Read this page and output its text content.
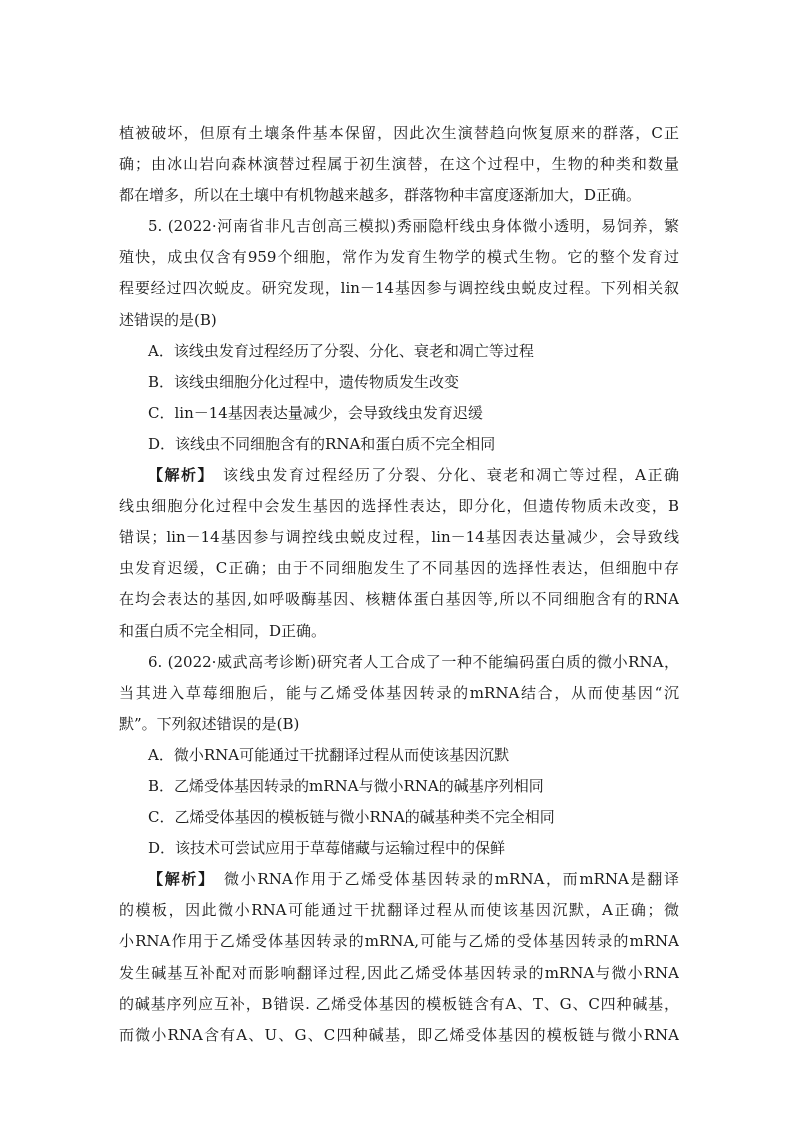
植被破坏，但原有土壤条件基本保留，因此次生演替趋向恢复原来的群落，C正
确；由冰山岩向森林演替过程属于初生演替，在这个过程中，生物的种类和数量
都在增多，所以在土壤中有机物越来越多，群落物种丰富度逐渐加大，D正确。
5. (2022·河南省非凡吉创高三模拟)秀丽隐杆线虫身体微小透明，易饲养，繁
殖快，成虫仅含有959个细胞，常作为发育生物学的模式生物。它的整个发育过
程要经过四次蜕皮。研究发现，lin－14基因参与调控线虫蜕皮过程。下列相关叙
述错误的是(B)
A．该线虫发育过程经历了分裂、分化、衰老和凋亡等过程
B．该线虫细胞分化过程中，遗传物质发生改变
C．lin－14基因表达量减少，会导致线虫发育迟缓
D．该线虫不同细胞含有的RNA和蛋白质不完全相同
【解析】　该线虫发育过程经历了分裂、分化、衰老和凋亡等过程，A正确
线虫细胞分化过程中会发生基因的选择性表达，即分化，但遗传物质未改变，B
错误；lin－14基因参与调控线虫蜕皮过程，lin－14基因表达量减少，会导致线
虫发育迟缓，C正确；由于不同细胞发生了不同基因的选择性表达，但细胞中存
在均会表达的基因,如呼吸酶基因、核糖体蛋白基因等,所以不同细胞含有的RNA
和蛋白质不完全相同，D正确。
6. (2022·威武高考诊断)研究者人工合成了一种不能编码蛋白质的微小RNA，
当其进入草莓细胞后，能与乙烯受体基因转录的mRNA结合，从而使基因“沉
默”。下列叙述错误的是(B)
A．微小RNA可能通过干扰翻译过程从而使该基因沉默
B．乙烯受体基因转录的mRNA与微小RNA的碱基序列相同
C．乙烯受体基因的模板链与微小RNA的碱基种类不完全相同
D．该技术可尝试应用于草莓储藏与运输过程中的保鲜
【解析】　微小RNA作用于乙烯受体基因转录的mRNA，而mRNA是翻译
的模板，因此微小RNA可能通过干扰翻译过程从而使该基因沉默，A正确；微
小RNA作用于乙烯受体基因转录的mRNA,可能与乙烯的受体基因转录的mRNA
发生碱基互补配对而影响翻译过程,因此乙烯受体基因转录的mRNA与微小RNA
的碱基序列应互补，B错误. 乙烯受体基因的模板链含有A、T、G、C四种碱基，
而微小RNA含有A、U、G、C四种碱基，即乙烯受体基因的模板链与微小RNA
